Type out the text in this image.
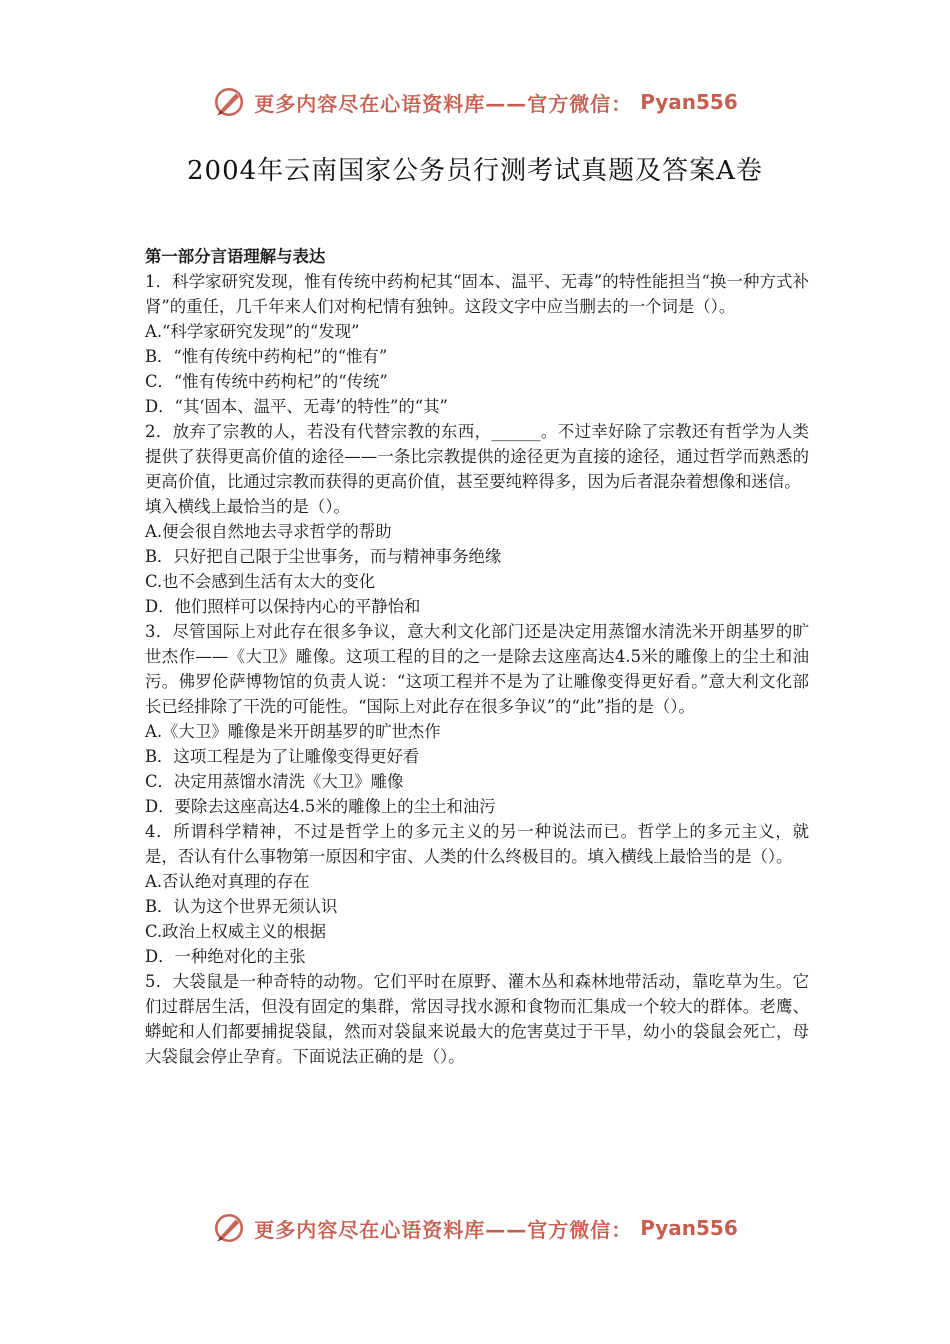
更多内容尽在心语资料库——官方微信： Pyan556
2004年云南国家公务员行测考试真题及答案A卷

第一部分言语理解与表达

1．科学家研究发现，惟有传统中药枸杞其“固本、温平、无毒”的特性能担当“换一种方式补肾”的重任，几千年来人们对枸杞情有独钟。这段文字中应当删去的一个词是（）。

A.“科学家研究发现”的“发现”

B．“惟有传统中药枸杞”的“惟有”

C．“惟有传统中药枸杞”的“传统”

D．“其‘固本、温平、无毒’的特性”的“其”

2．放弃了宗教的人，若没有代替宗教的东西，______。不过幸好除了宗教还有哲学为人类提供了获得更高价值的途径——一条比宗教提供的途径更为直接的途径，通过哲学而熟悉的更高价值，比通过宗教而获得的更高价值，甚至要纯粹得多，因为后者混杂着想像和迷信。

填入横线上最恰当的是（）。

A.便会很自然地去寻求哲学的帮助

B．只好把自己限于尘世事务，而与精神事务绝缘

C.也不会感到生活有太大的变化

D．他们照样可以保持内心的平静怡和

3．尽管国际上对此存在很多争议，意大利文化部门还是决定用蒸馏水清洗米开朗基罗的旷世杰作——《大卫》雕像。这项工程的目的之一是除去这座高达4.5米的雕像上的尘土和油污。佛罗伦萨博物馆的负责人说：“这项工程并不是为了让雕像变得更好看。”意大利文化部长已经排除了干洗的可能性。“国际上对此存在很多争议”的“此”指的是（）。

A.《大卫》雕像是米开朗基罗的旷世杰作

B．这项工程是为了让雕像变得更好看

C．决定用蒸馏水清洗《大卫》雕像

D．要除去这座高达4.5米的雕像上的尘土和油污

4．所谓科学精神，不过是哲学上的多元主义的另一种说法而已。哲学上的多元主义，就是，否认有什么事物第一原因和宇宙、人类的什么终极目的。填入横线上最恰当的是（）。

A.否认绝对真理的存在

B．认为这个世界无须认识

C.政治上权威主义的根据

D．一种绝对化的主张

5．大袋鼠是一种奇特的动物。它们平时在原野、灌木丛和森林地带活动，靠吃草为生。它们过群居生活，但没有固定的集群，常因寻找水源和食物而汇集成一个较大的群体。老鹰、蟒蛇和人们都要捕捉袋鼠，然而对袋鼠来说最大的危害莫过于干旱，幼小的袋鼠会死亡，母大袋鼠会停止孕育。下面说法正确的是（）。

更多内容尽在心语资料库——官方微信： Pyan556
